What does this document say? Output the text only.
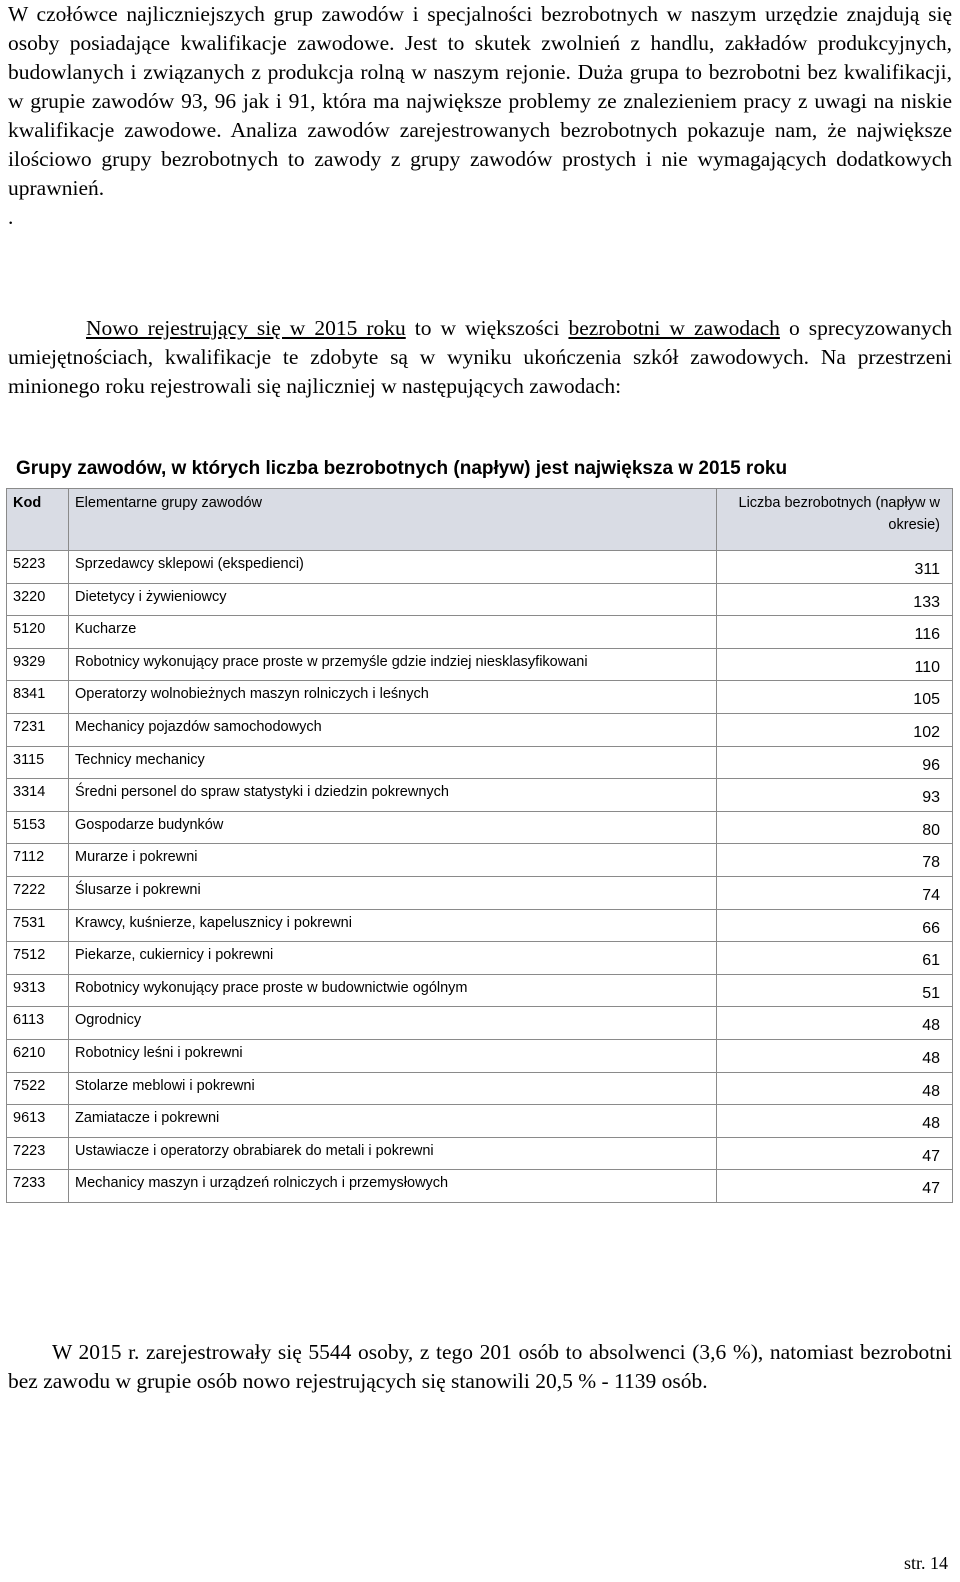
W czołówce najliczniejszych grup zawodów i specjalności bezrobotnych w naszym urzędzie znajdują się osoby posiadające kwalifikacje zawodowe. Jest to skutek zwolnień z handlu, zakładów produkcyjnych, budowlanych i związanych z produkcja rolną w naszym rejonie. Duża grupa to bezrobotni bez kwalifikacji, w grupie zawodów 93, 96 jak i 91, która ma największe problemy ze znalezieniem pracy z uwagi na niskie kwalifikacje zawodowe. Analiza zawodów zarejestrowanych bezrobotnych pokazuje nam, że największe ilościowo grupy bezrobotnych to zawody z grupy zawodów prostych i nie wymagających dodatkowych uprawnień.
.
Nowo rejestrujący się w 2015 roku to w większości bezrobotni w zawodach o sprecyzowanych umiejętnościach, kwalifikacje te zdobyte są w wyniku ukończenia szkół zawodowych. Na przestrzeni minionego roku rejestrowali się najliczniej w następujących zawodach:
Grupy zawodów, w których liczba bezrobotnych (napływ) jest największa w 2015 roku
Kod	Elementarne grupy zawodów	Liczba bezrobotnych (napływ w okresie)
5223	Sprzedawcy sklepowi (ekspedienci)	311
3220	Dietetycy i żywieniowcy	133
5120	Kucharze	116
9329	Robotnicy wykonujący prace proste w przemyśle gdzie indziej niesklasyfikowani	110
8341	Operatorzy wolnobieżnych maszyn rolniczych i leśnych	105
7231	Mechanicy pojazdów samochodowych	102
3115	Technicy mechanicy	96
3314	Średni personel do spraw statystyki i dziedzin pokrewnych	93
5153	Gospodarze budynków	80
7112	Murarze i pokrewni	78
7222	Ślusarze i pokrewni	74
7531	Krawcy, kuśnierze, kapelusznicy i pokrewni	66
7512	Piekarze, cukiernicy i pokrewni	61
9313	Robotnicy wykonujący prace proste w budownictwie ogólnym	51
6113	Ogrodnicy	48
6210	Robotnicy leśni i pokrewni	48
7522	Stolarze meblowi i pokrewni	48
9613	Zamiatacze i pokrewni	48
7223	Ustawiacze i operatorzy obrabiarek do metali i pokrewni	47
7233	Mechanicy maszyn i urządzeń rolniczych i przemysłowych	47
W 2015 r. zarejestrowały się 5544 osoby, z tego 201 osób to absolwenci (3,6 %), natomiast bezrobotni bez zawodu w grupie osób nowo rejestrujących się stanowili 20,5 % - 1139 osób.
str. 14
